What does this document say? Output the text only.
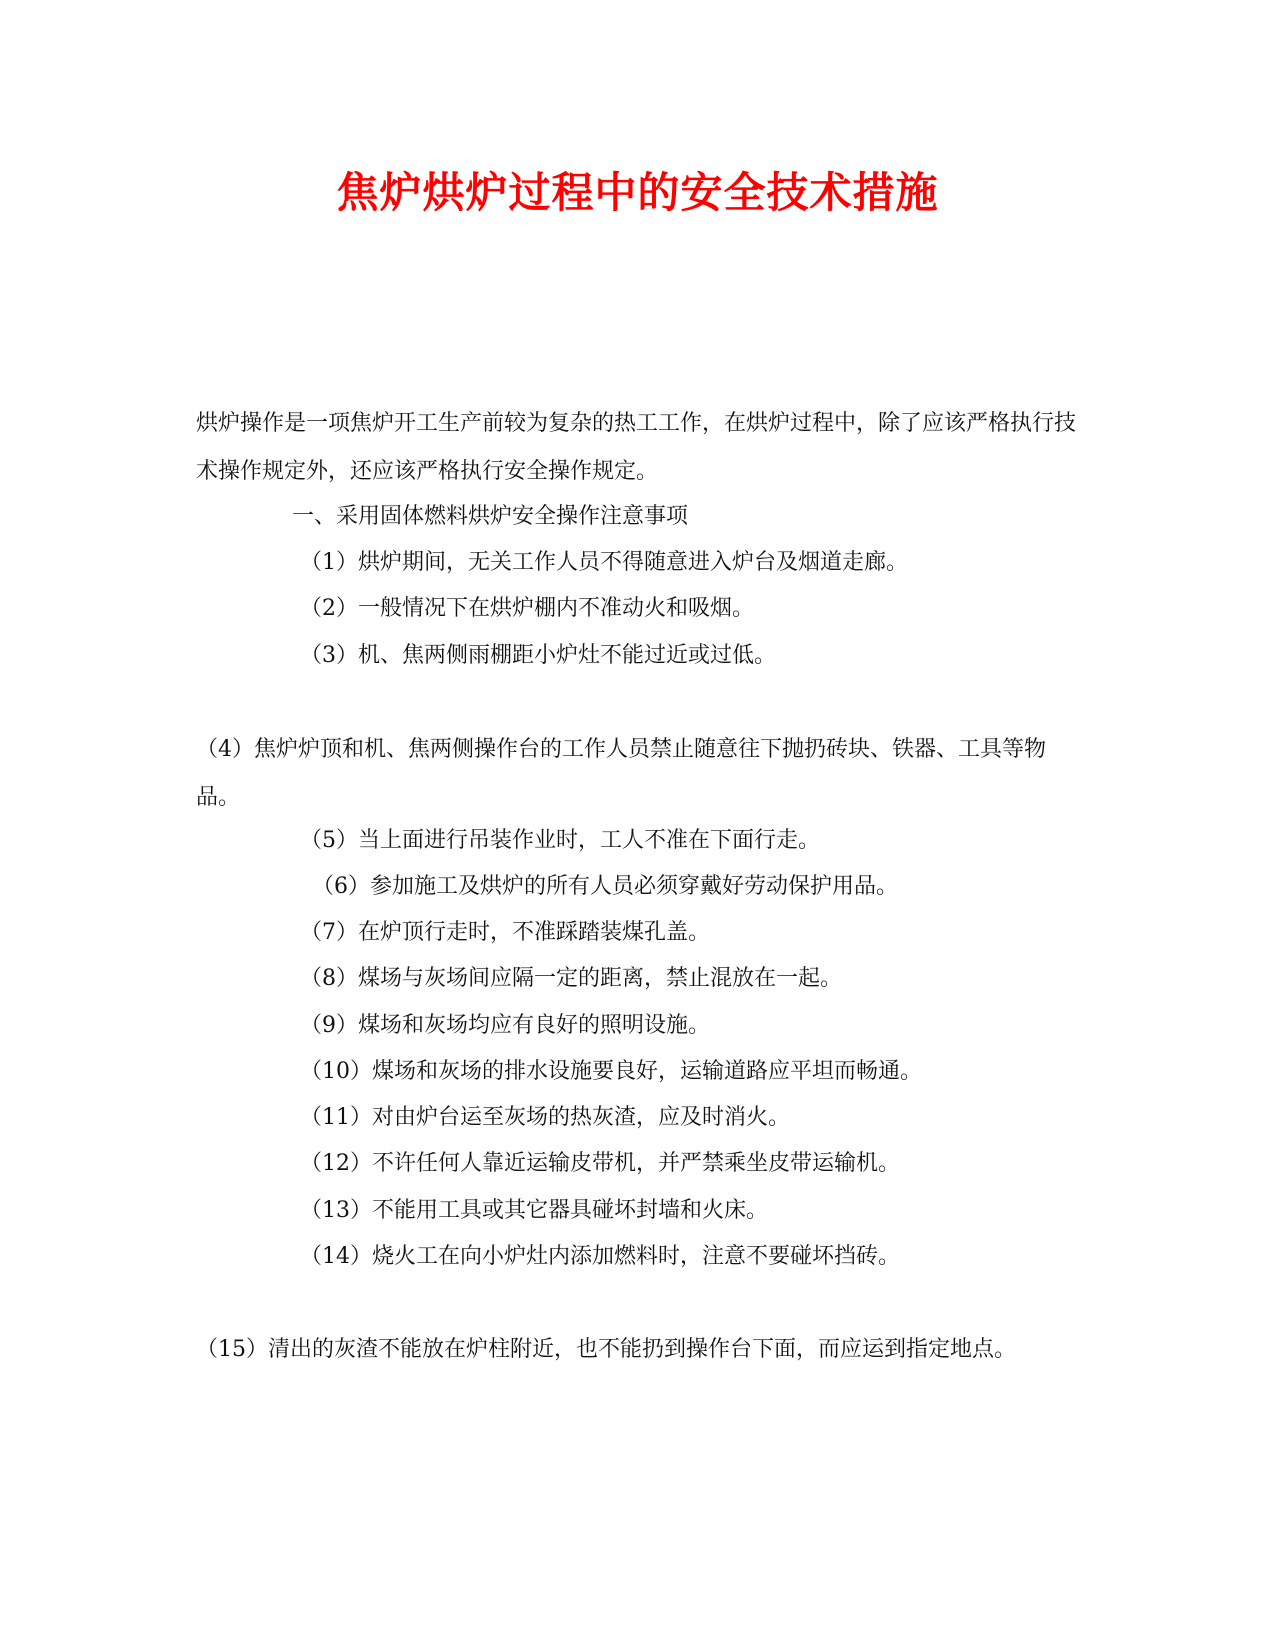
焦炉烘炉过程中的安全技术措施

烘炉操作是一项焦炉开工生产前较为复杂的热工工作，在烘炉过程中，除了应该严格执行技术操作规定外，还应该严格执行安全操作规定。

一、采用固体燃料烘炉安全操作注意事项

（1）烘炉期间，无关工作人员不得随意进入炉台及烟道走廊。

（2）一般情况下在烘炉棚内不准动火和吸烟。

（3）机、焦两侧雨棚距小炉灶不能过近或过低。

（4）焦炉炉顶和机、焦两侧操作台的工作人员禁止随意往下抛扔砖块、铁器、工具等物品。

（5）当上面进行吊装作业时，工人不准在下面行走。

（6）参加施工及烘炉的所有人员必须穿戴好劳动保护用品。

（7）在炉顶行走时，不准踩踏装煤孔盖。

（8）煤场与灰场间应隔一定的距离，禁止混放在一起。

（9）煤场和灰场均应有良好的照明设施。

（10）煤场和灰场的排水设施要良好，运输道路应平坦而畅通。

（11）对由炉台运至灰场的热灰渣，应及时消火。

（12）不许任何人靠近运输皮带机，并严禁乘坐皮带运输机。

（13）不能用工具或其它器具碰坏封墙和火床。

（14）烧火工在向小炉灶内添加燃料时，注意不要碰坏挡砖。

（15）清出的灰渣不能放在炉柱附近，也不能扔到操作台下面，而应运到指定地点。
